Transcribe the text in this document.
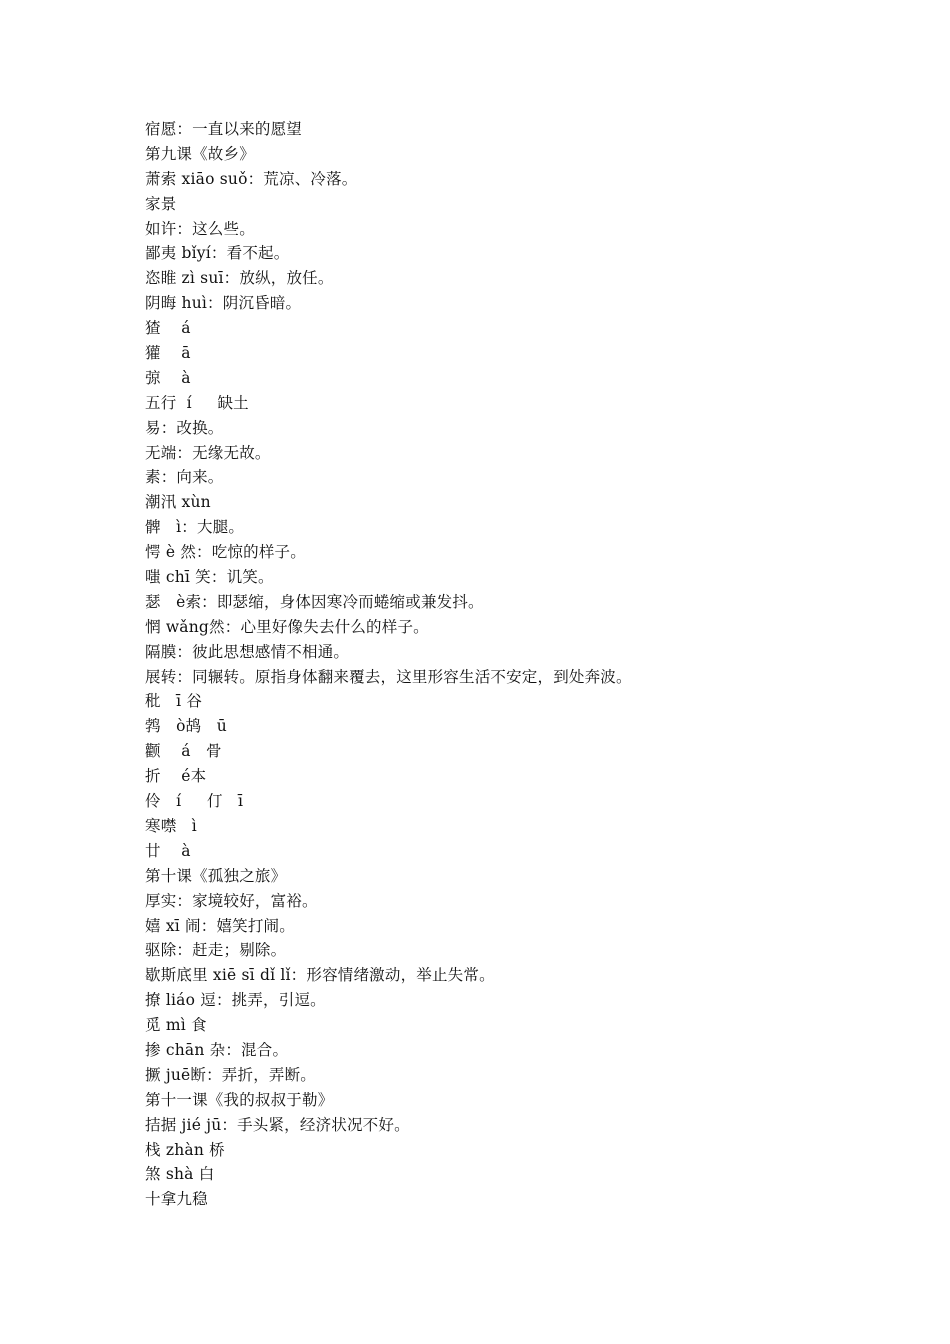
宿愿：一直以来的愿望
第九课《故乡》
萧索 xiāo suǒ：荒凉、冷落。
家景
如许：这么些。
鄙夷 bǐyí：看不起。
恣睢 zì suī：放纵，放任。
阴晦 huì：阴沉昏暗。
猹    á
獾    ā
弶    à
五行  í     缺土
易：改换。
无端：无缘无故。
素：向来。
潮汛 xùn
髀   ì：大腿。
愕 è 然：吃惊的样子。
嗤 chī 笑：讥笑。
瑟   è索：即瑟缩，身体因寒冷而蜷缩或兼发抖。
惘 wǎng然：心里好像失去什么的样子。
隔膜：彼此思想感情不相通。
展转：同辗转。原指身体翻来覆去，这里形容生活不安定，到处奔波。
秕   ī 谷
鹁   ò鸪   ū
颧    á   骨
折    é本
伶   í     仃   ī
寒噤   ì
廿    à
第十课《孤独之旅》
厚实：家境较好，富裕。
嬉 xī 闹：嬉笑打闹。
驱除：赶走；剔除。
歇斯底里 xiē sī dǐ lǐ：形容情绪激动，举止失常。
撩 liáo 逗：挑弄，引逗。
觅 mì 食
掺 chān 杂：混合。
撅 juē断：弄折，弄断。
第十一课《我的叔叔于勒》
拮据 jié jū：手头紧，经济状况不好。
栈 zhàn 桥
煞 shà 白
十拿九稳
